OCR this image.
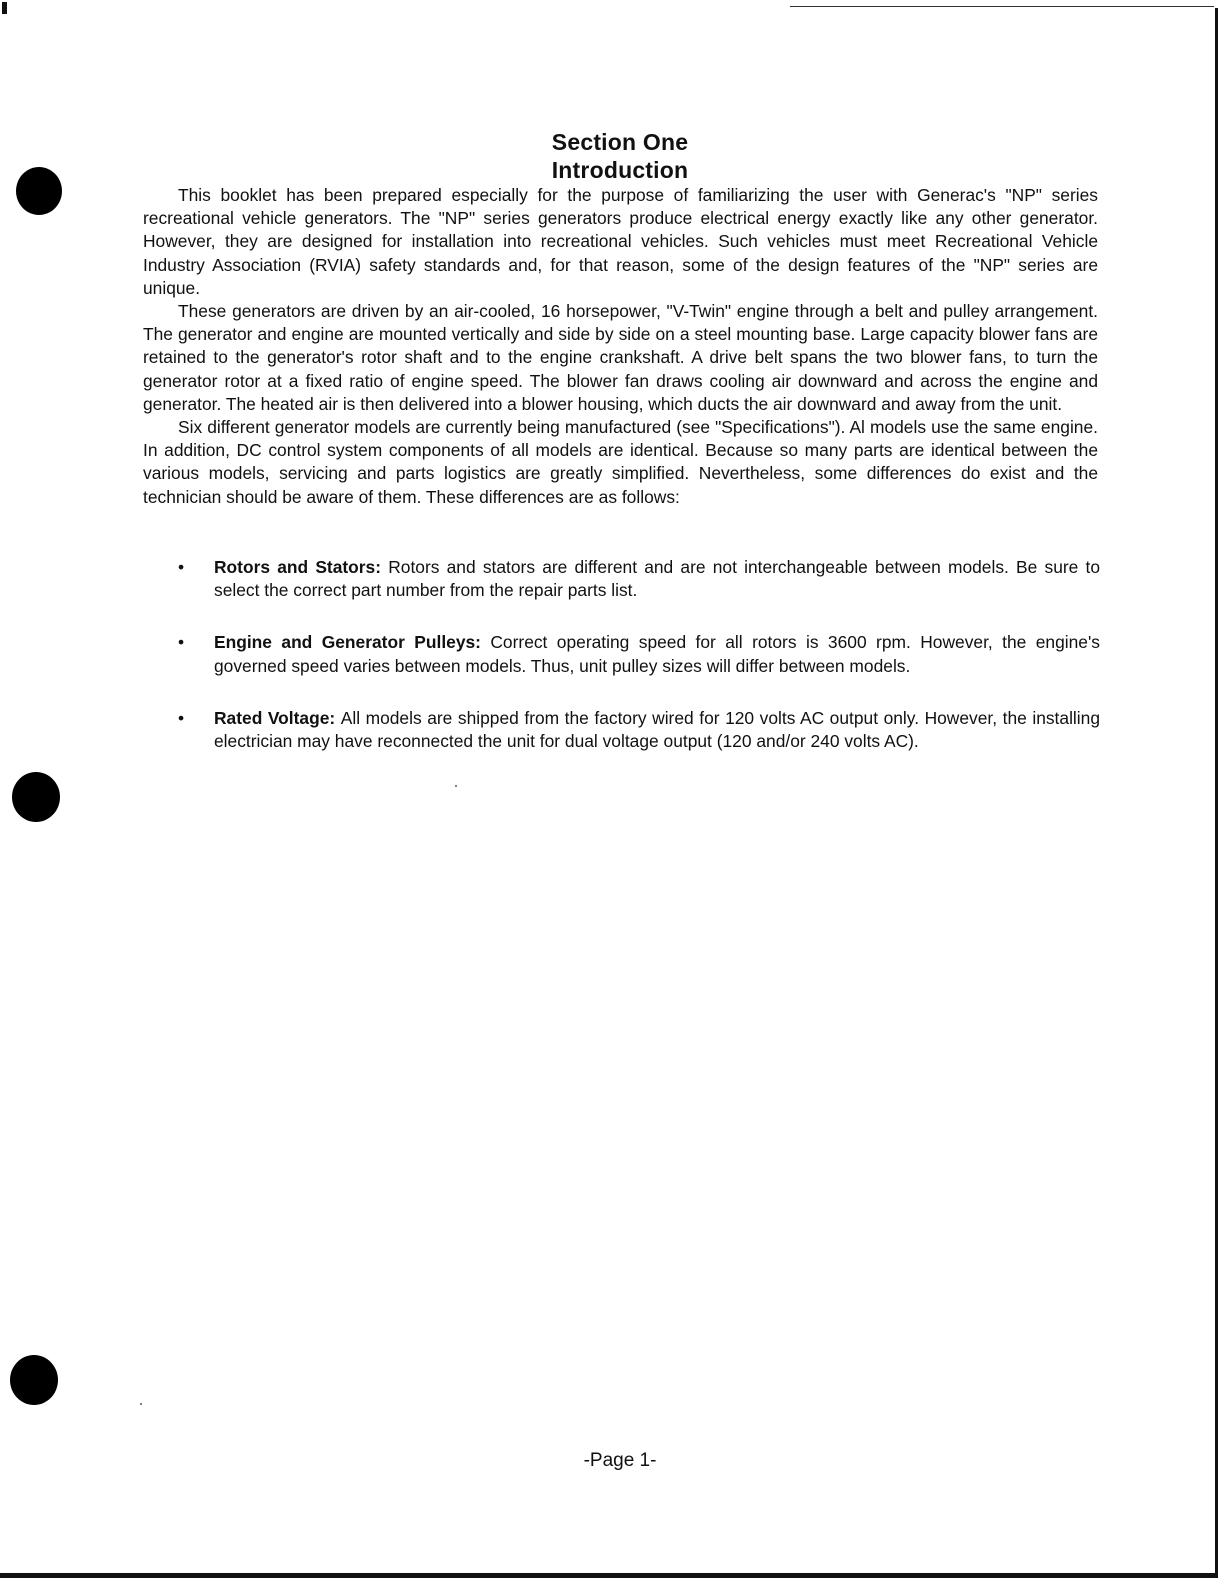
Section One
Introduction

This booklet has been prepared especially for the purpose of familiarizing the user with Generac's "NP" series recreational vehicle generators. The "NP" series generators produce electrical energy exactly like any other generator. However, they are designed for installation into recreational vehicles. Such vehicles must meet Recreational Vehicle Industry Association (RVIA) safety standards and, for that reason, some of the design features of the "NP" series are unique.

These generators are driven by an air-cooled, 16 horsepower, "V-Twin" engine through a belt and pulley arrangement. The generator and engine are mounted vertically and side by side on a steel mounting base. Large capacity blower fans are retained to the generator's rotor shaft and to the engine crankshaft. A drive belt spans the two blower fans, to turn the generator rotor at a fixed ratio of engine speed. The blower fan draws cooling air downward and across the engine and generator. The heated air is then delivered into a blower housing, which ducts the air downward and away from the unit.

Six different generator models are currently being manufactured (see "Specifications"). Al models use the same engine. In addition, DC control system components of all models are identical. Because so many parts are identical between the various models, servicing and parts logistics are greatly simplified. Nevertheless, some differences do exist and the technician should be aware of them. These differences are as follows:

• Rotors and Stators: Rotors and stators are different and are not interchangeable between models. Be sure to select the correct part number from the repair parts list.
• Engine and Generator Pulleys: Correct operating speed for all rotors is 3600 rpm. However, the engine's governed speed varies between models. Thus, unit pulley sizes will differ between models.
• Rated Voltage: All models are shipped from the factory wired for 120 volts AC output only. However, the installing electrician may have reconnected the unit for dual voltage output (120 and/or 240 volts AC).
-Page 1-
